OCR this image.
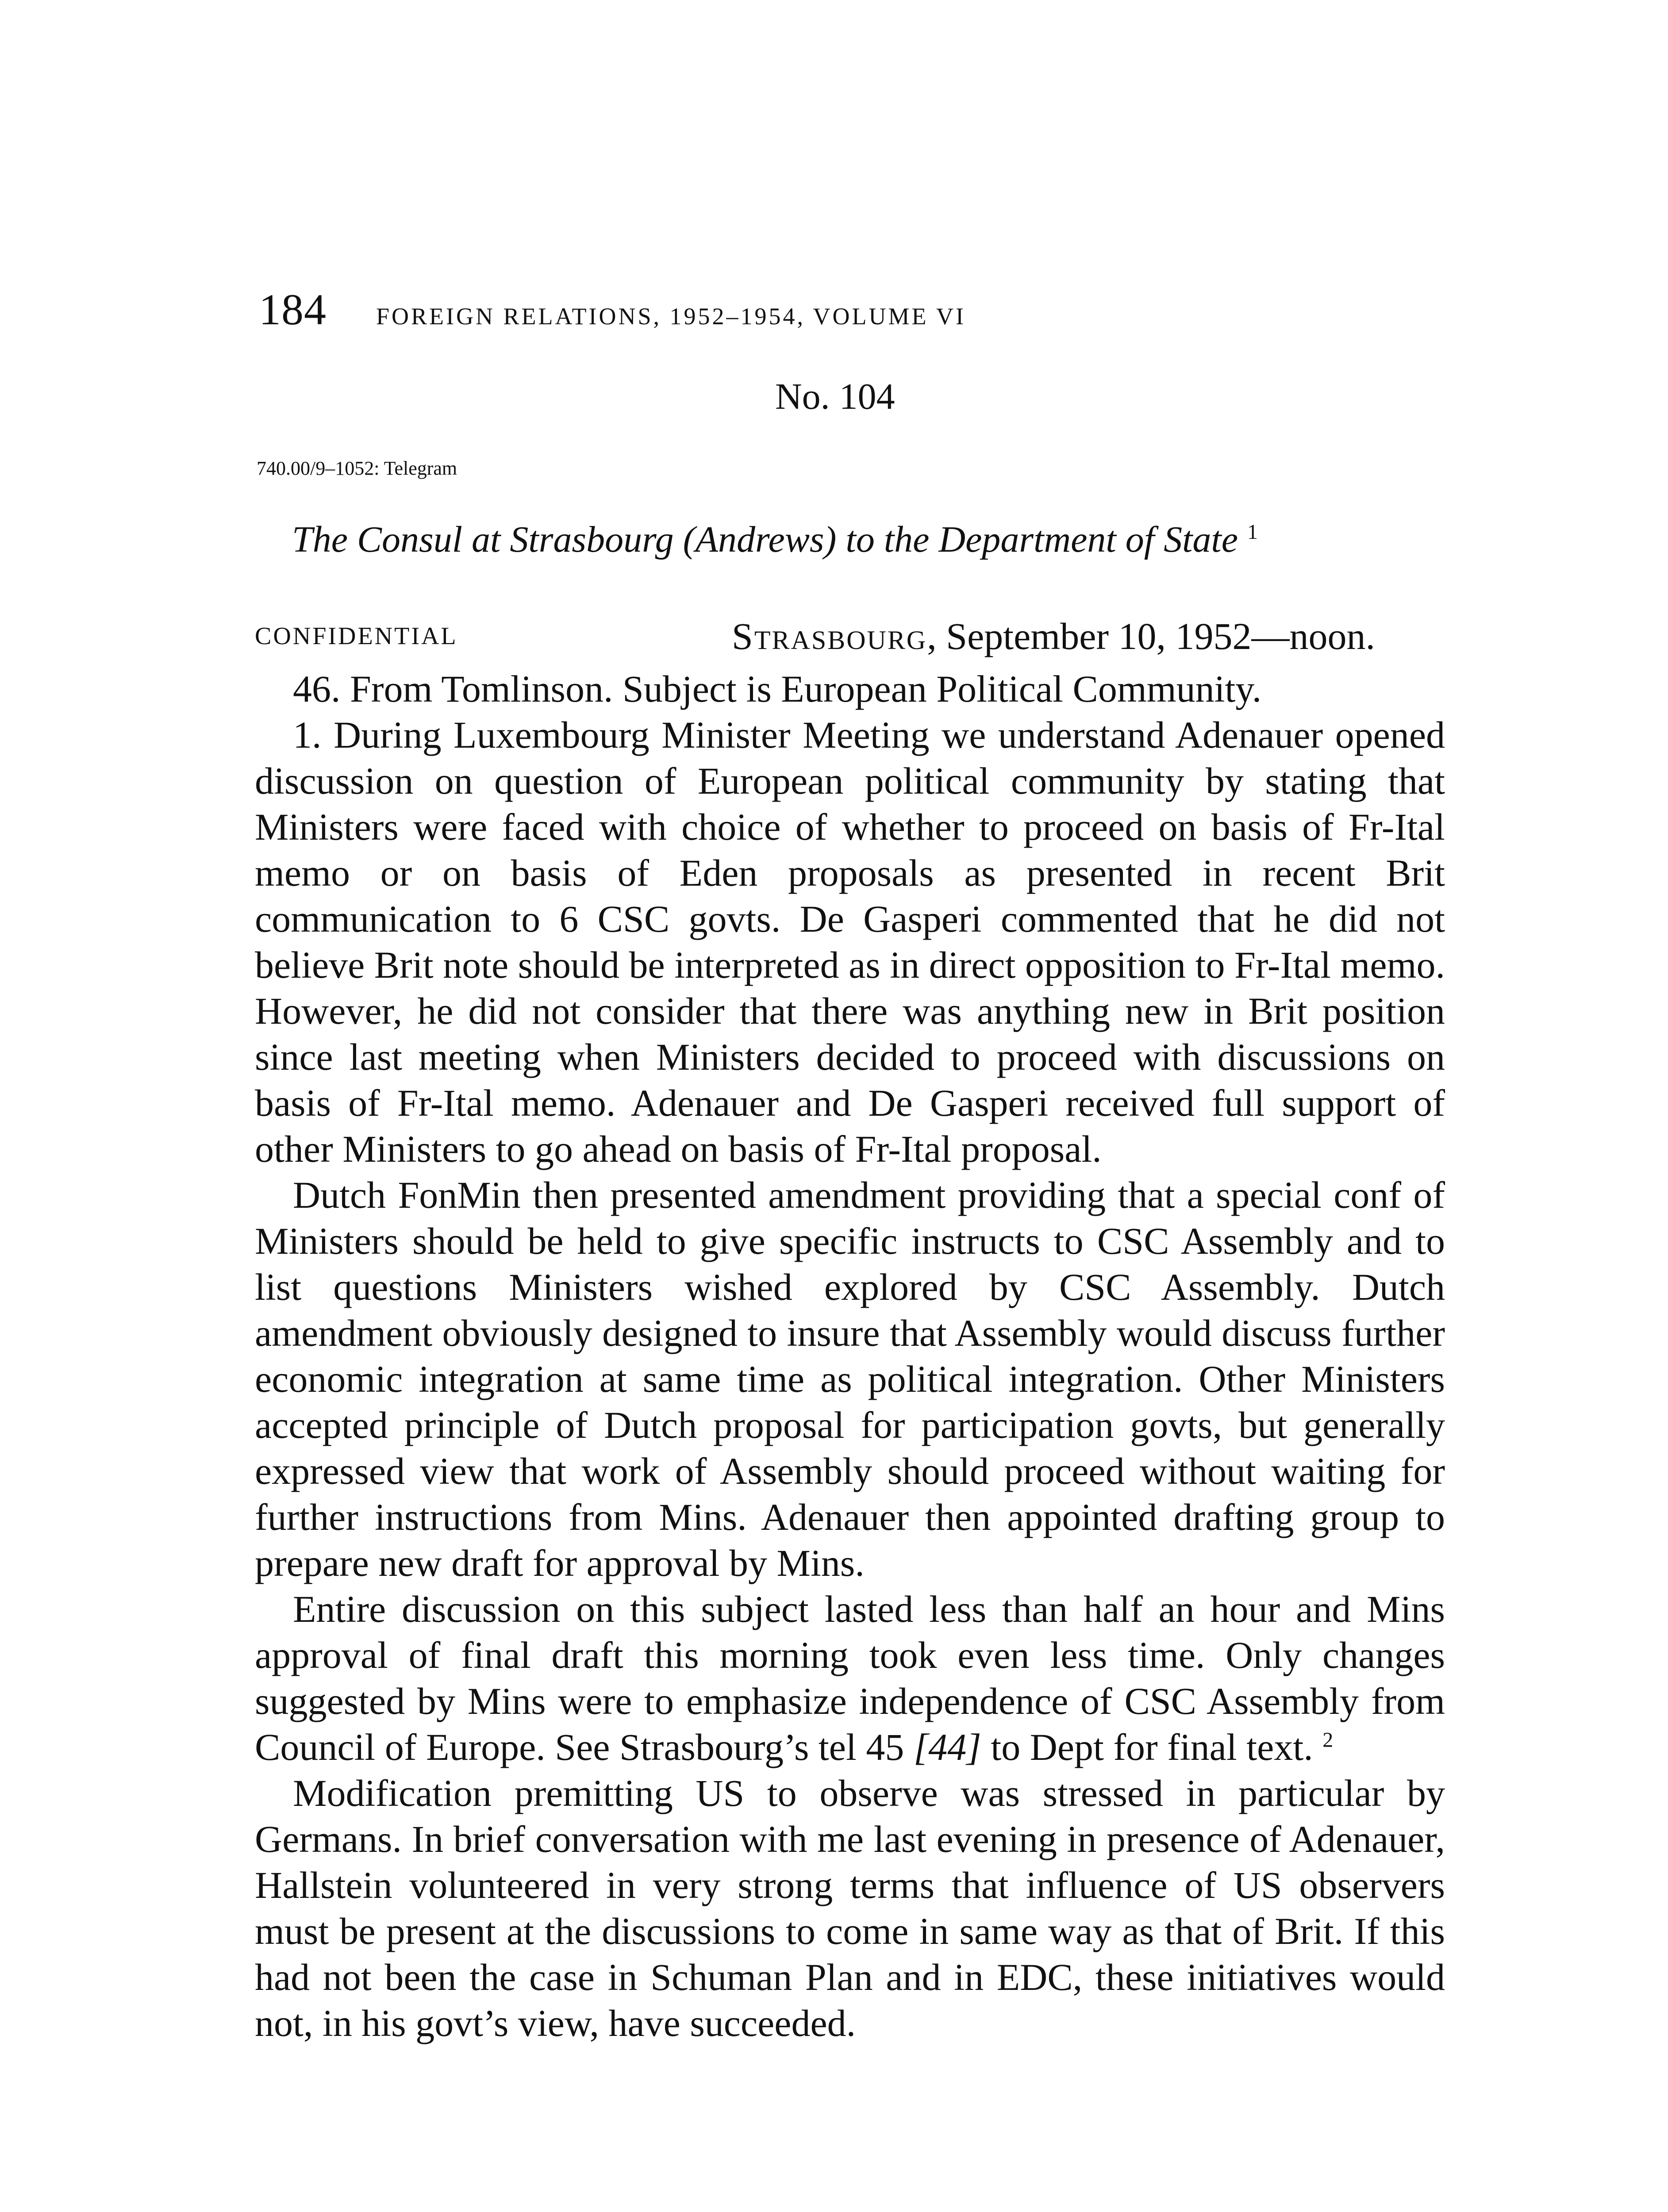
184 FOREIGN RELATIONS, 1952–1954, VOLUME VI
No. 104
740.00/9–1052: Telegram
The Consul at Strasbourg (Andrews) to the Department of State $^1$
CONFIDENTIAL	Strasbourg, September 10, 1952—noon.

46. From Tomlinson. Subject is European Political Community.

1. During Luxembourg Minister Meeting we understand Adenauer opened discussion on question of European political community by stating that Ministers were faced with choice of whether to proceed on basis of Fr-Ital memo or on basis of Eden proposals as presented in recent Brit communication to 6 CSC govts. De Gasperi commented that he did not believe Brit note should be interpreted as in direct opposition to Fr-Ital memo. However, he did not consider that there was anything new in Brit position since last meeting when Ministers decided to proceed with discussions on basis of Fr-Ital memo. Adenauer and De Gasperi received full support of other Ministers to go ahead on basis of Fr-Ital proposal.

Dutch FonMin then presented amendment providing that a special conf of Ministers should be held to give specific instructs to CSC Assembly and to list questions Ministers wished explored by CSC Assembly. Dutch amendment obviously designed to insure that Assembly would discuss further economic integration at same time as political integration. Other Ministers accepted principle of Dutch proposal for participation govts, but generally expressed view that work of Assembly should proceed without waiting for further instructions from Mins. Adenauer then appointed drafting group to prepare new draft for approval by Mins.

Entire discussion on this subject lasted less than half an hour and Mins approval of final draft this morning took even less time. Only changes suggested by Mins were to emphasize independence of CSC Assembly from Council of Europe. See Strasbourg’s tel 45 [44] to Dept for final text. $^2$

Modification premitting US to observe was stressed in particular by Germans. In brief conversation with me last evening in presence of Adenauer, Hallstein volunteered in very strong terms that influence of US observers must be present at the discussions to come in same way as that of Brit. If this had not been the case in Schuman Plan and in EDC, these initiatives would not, in his govt’s view, have succeeded.
